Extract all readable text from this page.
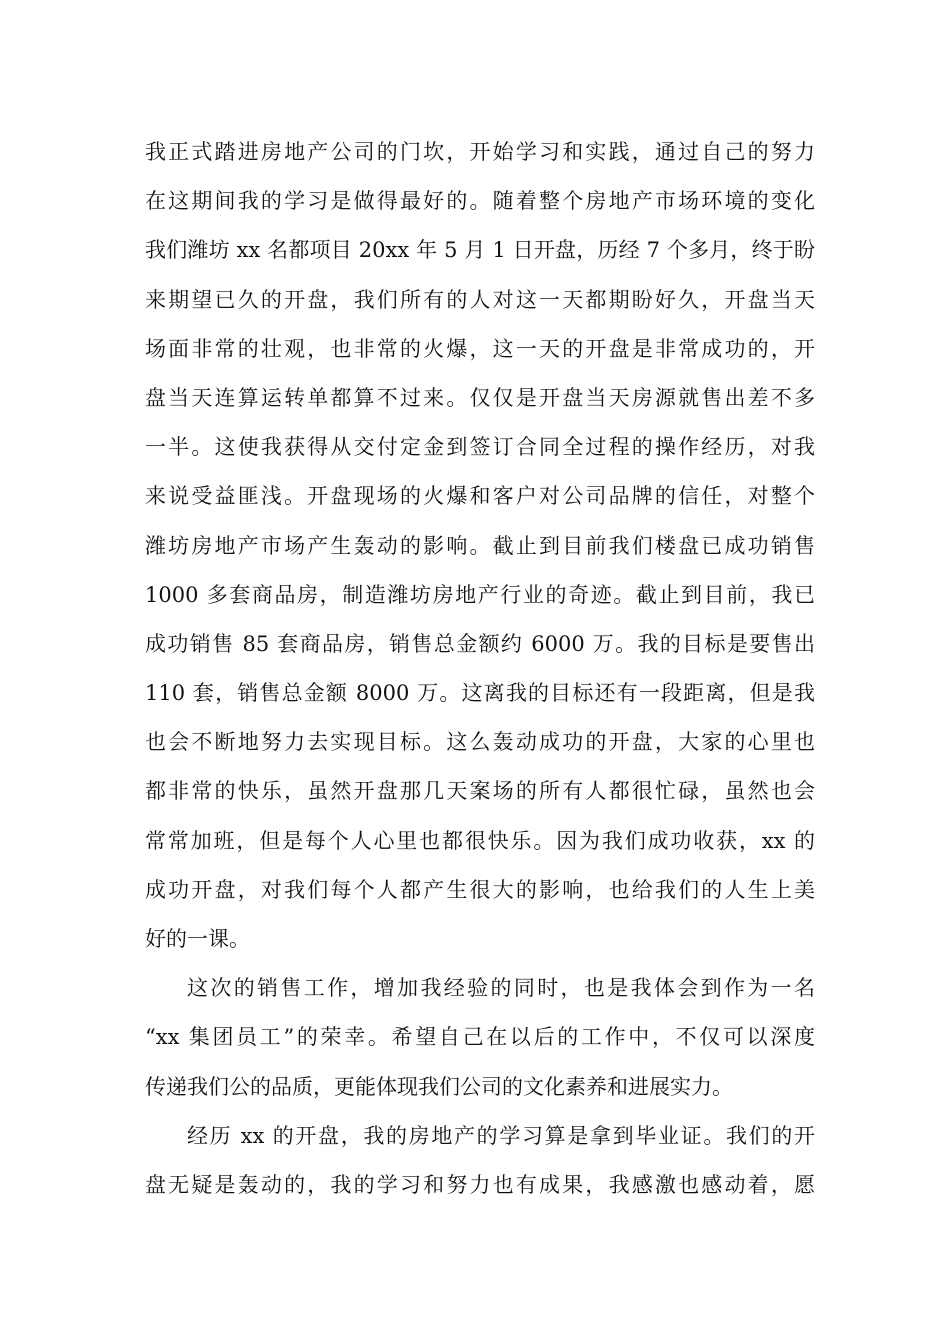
我正式踏进房地产公司的门坎，开始学习和实践，通过自己的努力
在这期间我的学习是做得最好的。随着整个房地产市场环境的变化
我们潍坊 xx 名都项目 20xx 年 5 月 1 日开盘，历经 7 个多月，终于盼
来期望已久的开盘，我们所有的人对这一天都期盼好久，开盘当天
场面非常的壮观，也非常的火爆，这一天的开盘是非常成功的，开
盘当天连算运转单都算不过来。仅仅是开盘当天房源就售出差不多
一半。这使我获得从交付定金到签订合同全过程的操作经历，对我
来说受益匪浅。开盘现场的火爆和客户对公司品牌的信任，对整个
潍坊房地产市场产生轰动的影响。截止到目前我们楼盘已成功销售
1000 多套商品房，制造潍坊房地产行业的奇迹。截止到目前，我已
成功销售 85 套商品房，销售总金额约 6000 万。我的目标是要售出
110 套，销售总金额 8000 万。这离我的目标还有一段距离，但是我
也会不断地努力去实现目标。这么轰动成功的开盘，大家的心里也
都非常的快乐，虽然开盘那几天案场的所有人都很忙碌，虽然也会
常常加班，但是每个人心里也都很快乐。因为我们成功收获，xx 的
成功开盘，对我们每个人都产生很大的影响，也给我们的人生上美
好的一课。
这次的销售工作，增加我经验的同时，也是我体会到作为一名
“xx 集团员工”的荣幸。希望自己在以后的工作中，不仅可以深度
传递我们公的品质，更能体现我们公司的文化素养和进展实力。
经历 xx 的开盘，我的房地产的学习算是拿到毕业证。我们的开
盘无疑是轰动的，我的学习和努力也有成果，我感激也感动着，愿
